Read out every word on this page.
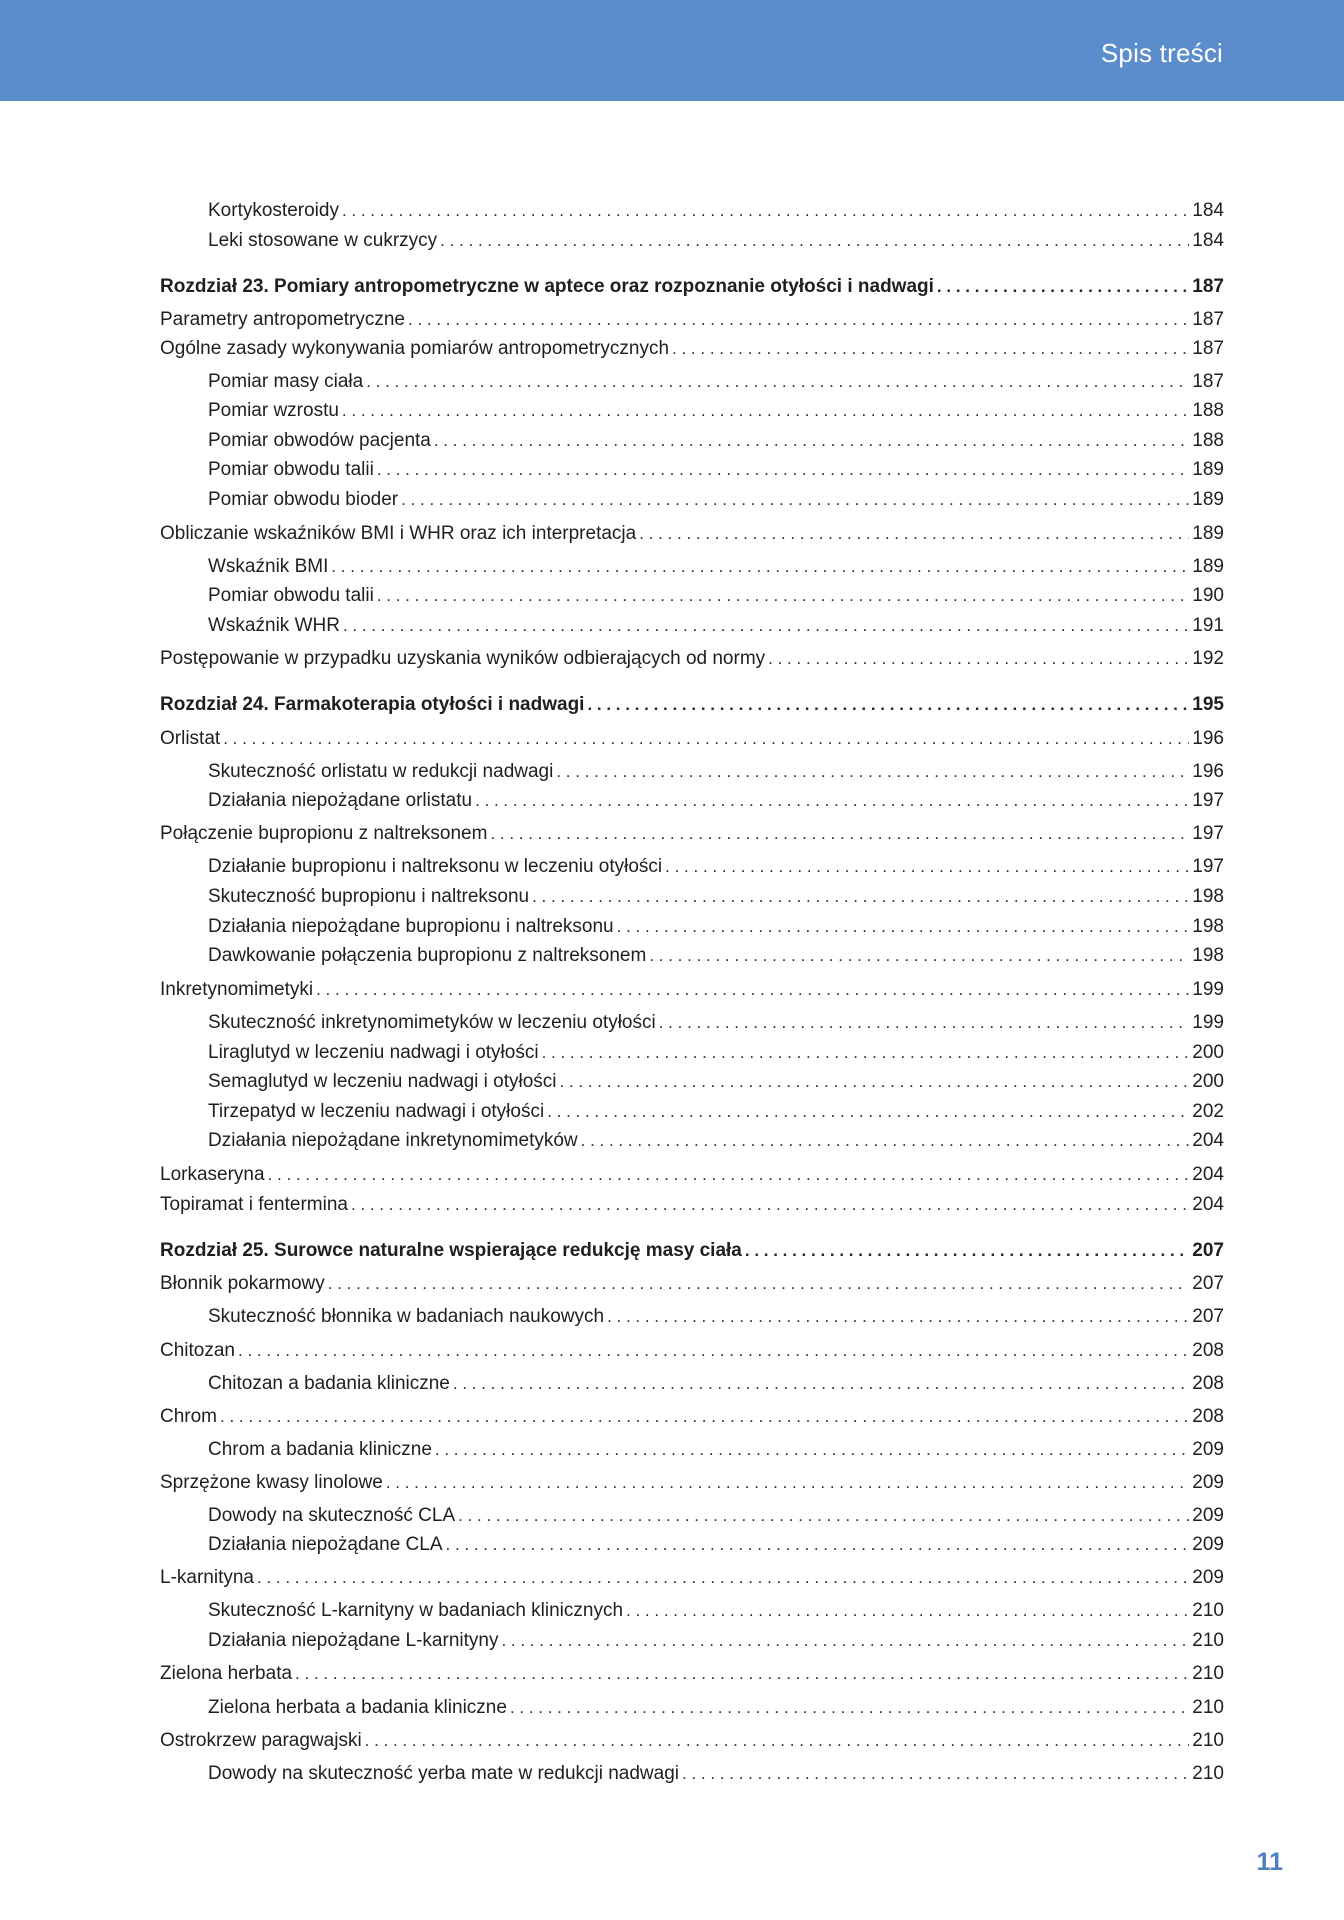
Spis treści
Kortykosteroidy . . .	184
Leki stosowane w cukrzycy . . .	184
Rozdział 23. Pomiary antropometryczne w aptece oraz rozpoznanie otyłości i nadwagi . . .	187
Parametry antropometryczne . . .	187
Ogólne zasady wykonywania pomiarów antropometrycznych . . .	187
Pomiar masy ciała . . .	187
Pomiar wzrostu . . .	188
Pomiar obwodów pacjenta . . .	188
Pomiar obwodu talii . . .	189
Pomiar obwodu bioder . . .	189
Obliczanie wskaźników BMI i WHR oraz ich interpretacja . . .	189
Wskaźnik BMI . . .	189
Pomiar obwodu talii . . .	190
Wskaźnik WHR . . .	191
Postępowanie w przypadku uzyskania wyników odbierających od normy . . .	192
Rozdział 24. Farmakoterapia otyłości i nadwagi . . .	195
Orlistat . . .	196
Skuteczność orlistatu w redukcji nadwagi . . .	196
Działania niepożądane orlistatu . . .	197
Połączenie bupropionu z naltreksonem . . .	197
Działanie bupropionu i naltreksonu w leczeniu otyłości . . .	197
Skuteczność bupropionu i naltreksonu . . .	198
Działania niepożądane bupropionu i naltreksonu . . .	198
Dawkowanie połączenia bupropionu z naltreksonem . . .	198
Inkretynomimetyki . . .	199
Skuteczność inkretynomimetyków w leczeniu otyłości . . .	199
Liraglutyd w leczeniu nadwagi i otyłości . . .	200
Semaglutyd w leczeniu nadwagi i otyłości . . .	200
Tirzepatyd w leczeniu nadwagi i otyłości . . .	202
Działania niepożądane inkretynomimetyków . . .	204
Lorkaseryna . . .	204
Topiramat i fentermina . . .	204
Rozdział 25. Surowce naturalne wspierające redukcję masy ciała . . .	207
Błonnik pokarmowy . . .	207
Skuteczność błonnika w badaniach naukowych . . .	207
Chitozan . . .	208
Chitozan a badania kliniczne . . .	208
Chrom . . .	208
Chrom a badania kliniczne . . .	209
Sprzężone kwasy linolowe . . .	209
Dowody na skuteczność CLA . . .	209
Działania niepożądane CLA . . .	209
L-karnityna . . .	209
Skuteczność L-karnityny w badaniach klinicznych . . .	210
Działania niepożądane L-karnityny . . .	210
Zielona herbata . . .	210
Zielona herbata a badania kliniczne . . .	210
Ostrokrzew paragwajski . . .	210
Dowody na skuteczność yerba mate w redukcji nadwagi . . .	210
11
